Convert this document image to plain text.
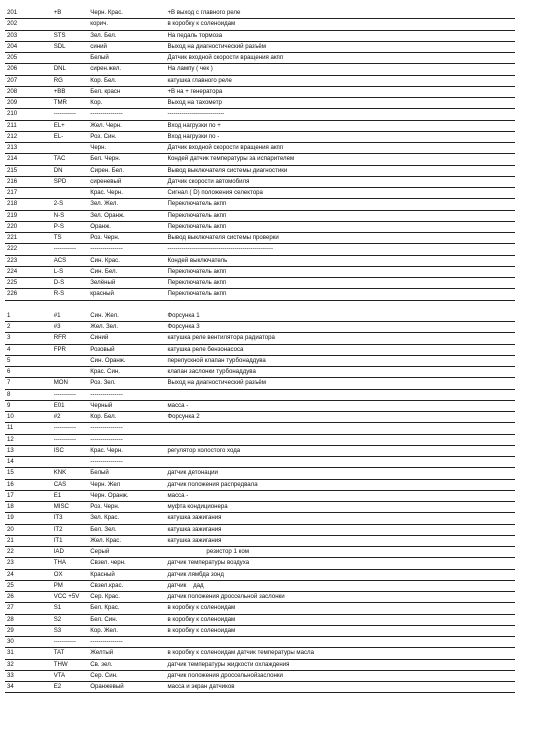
201	+B	Черн. Крас.		+B выход с главного реле
202		корич.		в коробку к соленоидам
203	STS	Зел. Бел.		На педаль тормоза
204	SDL	синий		Выход на диагностический разъём
205		Белый		Датчик входной скорости вращения акпп
206	DNL	сирен.жел.		На лампу ( чек )
207	RG	Кор. Бел.		катушка главного реле
208	+BB	Бел. красн		+B на + генератора
209	TMR	Кор.		Выход на тахометр
210	-----------	----------------		----------------------------
211	EL+	Жел. Черн.		Вход нагрузки по +
212	EL-	Роз. Син.		Вход нагрузки по -
213		Черн.		Датчик входной скорости вращения акпп
214	TAC	Бел. Черн.		Кондей датчик температуры за испарителем
215	DN	Сирен. Бел.		Вывод выключателя системы диагностики
216	SPD	сиреневый		Датчик скорости автомобиля
217		Крас. Черн.		Сигнал ( D) положения селектора
218	2-S	Зел. Жел.		Переключатель акпп
219	N-S	Зел. Оранж.		Переключатель акпп
220	P-S	Оранж.		Переключатель акпп
221	TS	Роз. Черн.		Вывод выключателя системы проверки
222	-----------	----------------		----------------------------------------------------
223	ACS	Син. Крас.		Кондей выключатель
224	L-S	Син. Бел.		Переключатель акпп
225	D-S	Зелёный		Переключатель акпп
226	R-S	красный		Переключатель акпп

1	#1	Син. Жел.		Форсунка 1
2	#3	Жел. Зел.		Форсунка 3
3	RFR	Синий		катушка реле вентилятора радиатора
4	FPR	Розовый		катушка реле бензонасоса
5		Син. Оранж.		перепускной клапан турбонаддува
6		Крас. Син.		клапан заслонки турбонаддува
7	MON	Роз. Зел.		Выход на диагностический разъём
8	-----------	----------------		
9	E01	Черный		масса -
10	#2	Кор. Бел.		Форсунка 2
11	-----------	----------------		
12	-----------	----------------		
13	ISC	Крас. Черн.		регулятор холостого хода
14		----------------		
15	KNK	Белый		датчик детонации
16	CAS	Черн. Жел		датчик положения распредвала
17	E1	Черн. Оранж.		масса -
18	MISC	Роз. Черн.		муфта кондиционера
19	IT3	Зел. Крас.		катушка зажигания
20	IT2	Бел. Зел.		катушка зажигания
21	IT1	Жел. Крас.		катушка зажигания
22	IAD	Серый		резистор 1 ком
23	THA	Свзел. черн.		датчик температуры воздуха
24	OX	Красный		датчик лямбда зонд
25	PM	Свзел.крас.		датчик    дад
26	VCC +5V	Сер. Крас.		датчик положения дроссельной заслонки
27	S1	Бел. Крас.		в коробку к соленоидам
28	S2	Бел. Син.		в коробку к соленоидам
29	S3	Кор. Жел.		в коробку к соленоидам
30	-----------	----------------		
31	TAT	Желтый		в коробку к соленоидам датчик температуры масла
32	THW	Св. зел.		датчик температуры жидкости охлаждения
33	VTA	Сер. Син.		датчик положения дроссельнойзаслонки
34	E2	Оранжевый		масса и экран датчиков
